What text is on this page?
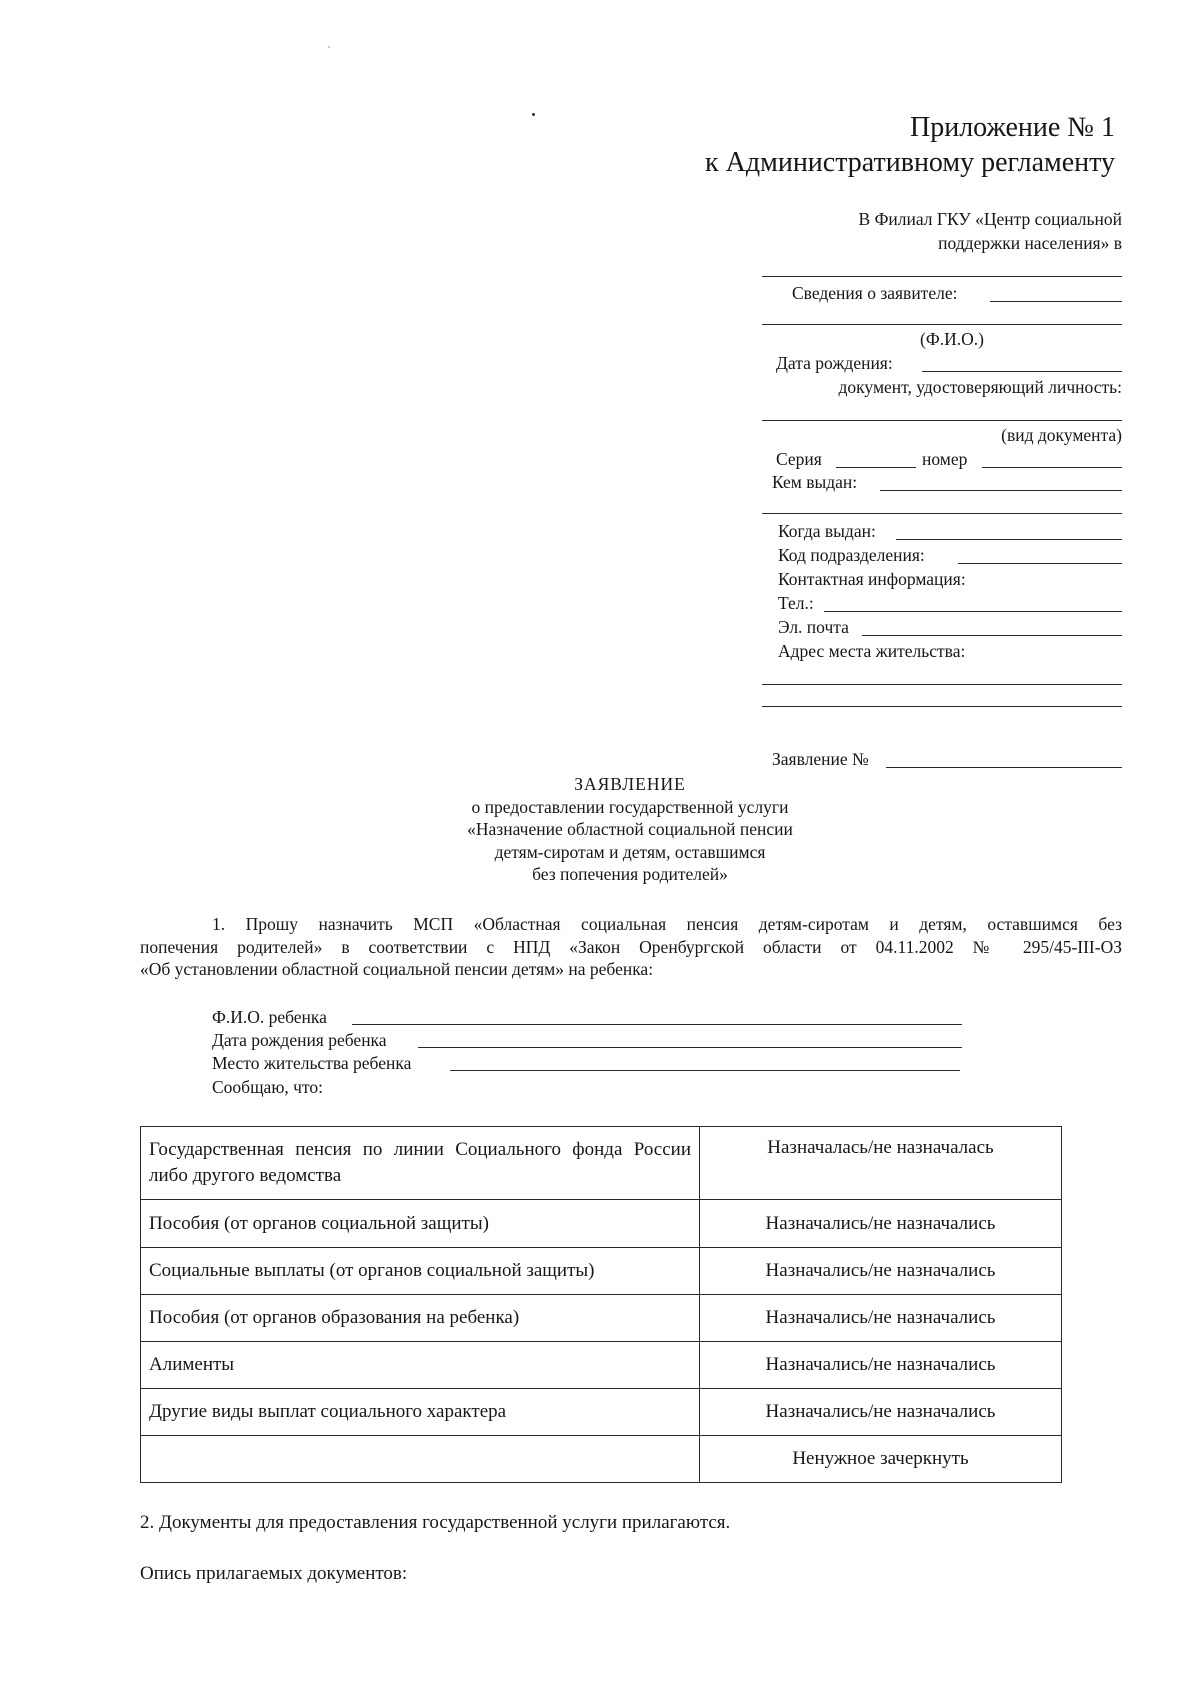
Приложение № 1
к Административному регламенту
В Филиал ГКУ «Центр социальной
поддержки населения» в
Сведения о заявителе:
(Ф.И.О.)
Дата рождения:
документ, удостоверяющий личность:
(вид документа)
Серия	номер
Кем выдан:
Когда выдан:
Код подразделения:
Контактная информация:
Тел.:
Эл. почта
Адрес места жительства:
Заявление №
ЗАЯВЛЕНИЕ
о предоставлении государственной услуги
«Назначение областной социальной пенсии
детям-сиротам и детям, оставшимся
без попечения родителей»
1. Прошу назначить МСП «Областная социальная пенсия детям-сиротам и детям, оставшимся без
попечения родителей» в соответствии с НПД «Закон Оренбургской области от 04.11.2002 № 295/45-III-ОЗ
«Об установлении областной социальной пенсии детям» на ребенка:
Ф.И.О. ребенка
Дата рождения ребенка
Место жительства ребенка
Сообщаю, что:
Государственная пенсия по линии Социального фонда России либо другого ведомства	Назначалась/не назначалась
Пособия (от органов социальной защиты)	Назначались/не назначались
Социальные выплаты (от органов социальной защиты)	Назначались/не назначались
Пособия (от органов образования на ребенка)	Назначались/не назначались
Алименты	Назначались/не назначались
Другие виды выплат социального характера	Назначались/не назначались
	Ненужное зачеркнуть
2. Документы для предоставления государственной услуги прилагаются.
Опись прилагаемых документов:
